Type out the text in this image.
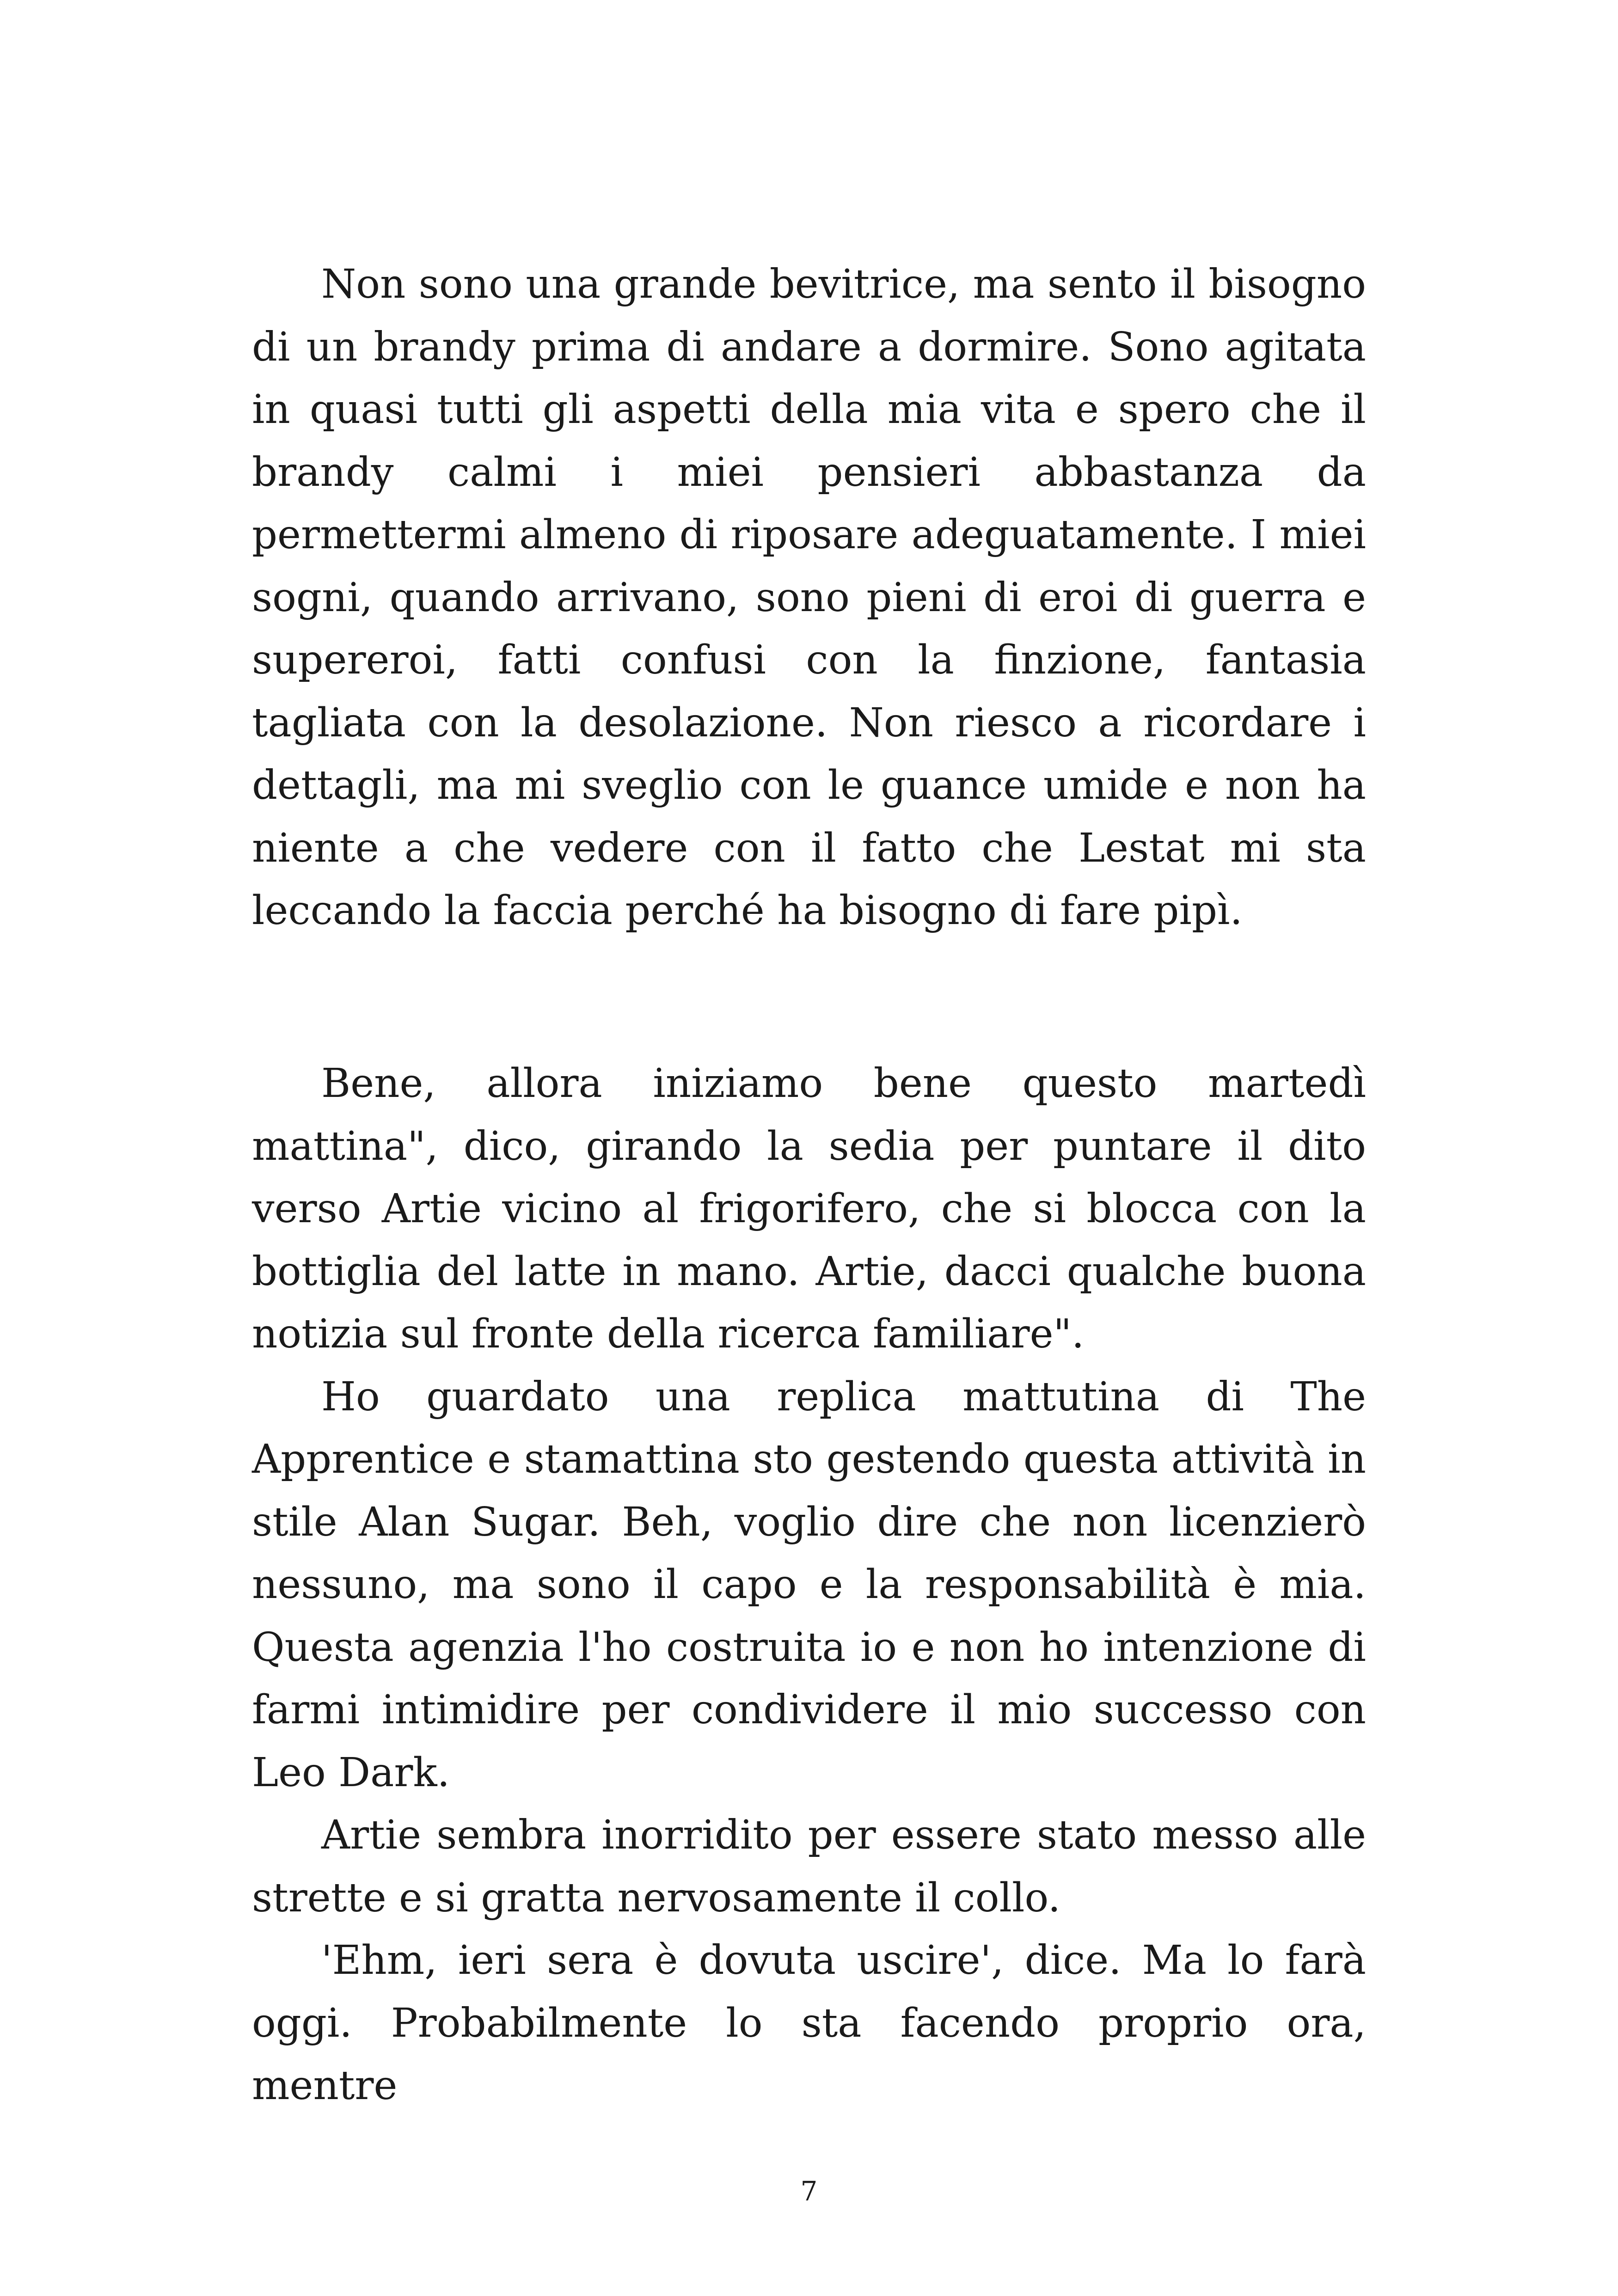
Non sono una grande bevitrice, ma sento il bisogno di un brandy prima di andare a dormire. Sono agitata in quasi tutti gli aspetti della mia vita e spero che il brandy calmi i miei pensieri abbastanza da permettermi almeno di riposare adeguatamente. I miei sogni, quando arrivano, sono pieni di eroi di guerra e supereroi, fatti confusi con la finzione, fantasia tagliata con la desolazione. Non riesco a ricordare i dettagli, ma mi sveglio con le guance umide e non ha niente a che vedere con il fatto che Lestat mi sta leccando la faccia perché ha bisogno di fare pipì.

Bene, allora iniziamo bene questo martedì mattina", dico, girando la sedia per puntare il dito verso Artie vicino al frigorifero, che si blocca con la bottiglia del latte in mano. Artie, dacci qualche buona notizia sul fronte della ricerca familiare".

Ho guardato una replica mattutina di The Apprentice e stamattina sto gestendo questa attività in stile Alan Sugar. Beh, voglio dire che non licenzierò nessuno, ma sono il capo e la responsabilità è mia. Questa agenzia l'ho costruita io e non ho intenzione di farmi intimidire per condividere il mio successo con Leo Dark.

Artie sembra inorridito per essere stato messo alle strette e si gratta nervosamente il collo.

'Ehm, ieri sera è dovuta uscire', dice. Ma lo farà oggi. Probabilmente lo sta facendo proprio ora, mentre

7
